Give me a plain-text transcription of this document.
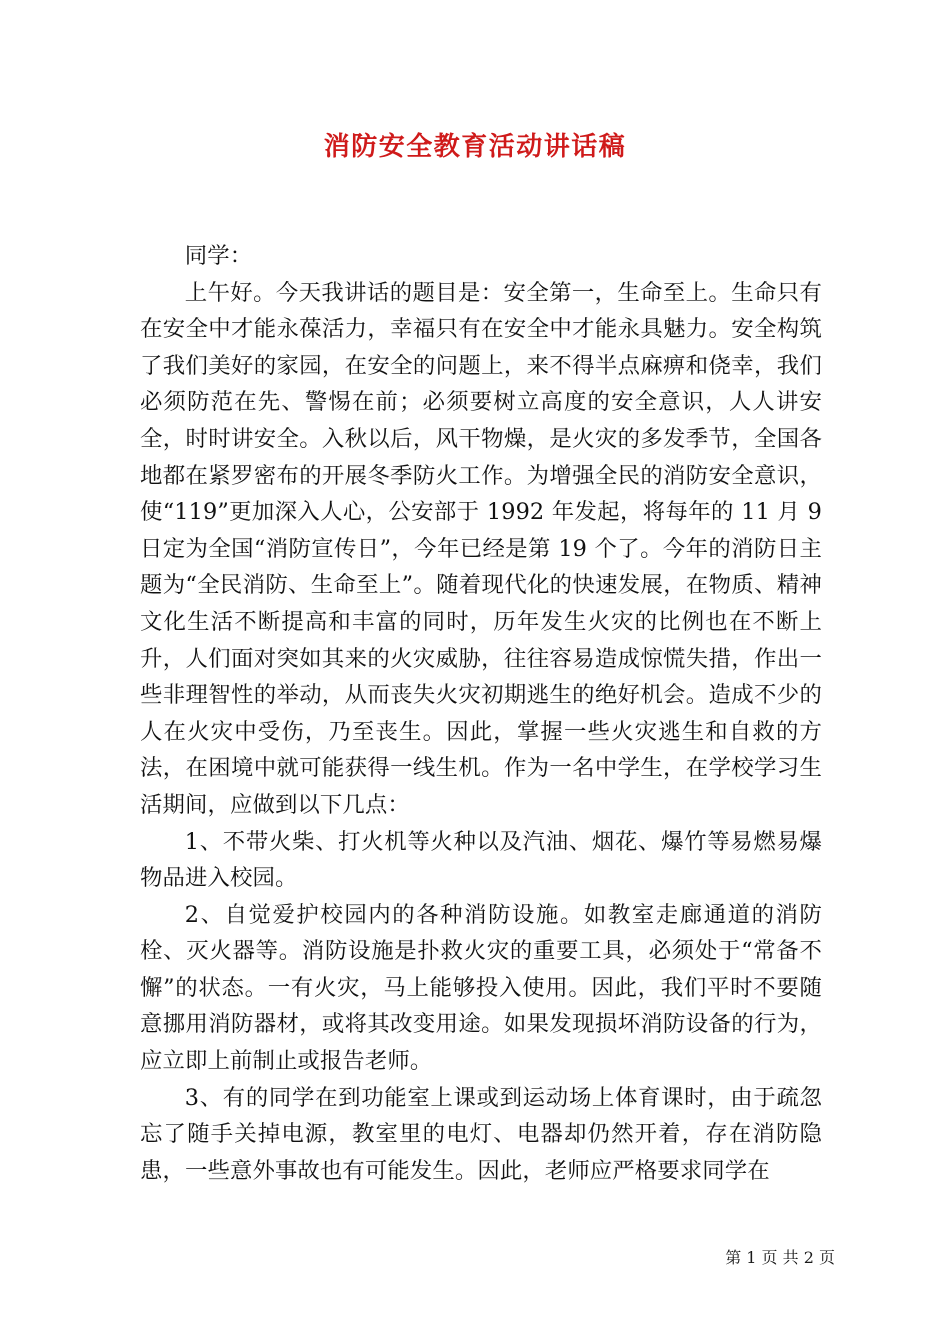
消防安全教育活动讲话稿

同学：

上午好。今天我讲话的题目是：安全第一，生命至上。生命只有在安全中才能永葆活力，幸福只有在安全中才能永具魅力。安全构筑了我们美好的家园，在安全的问题上，来不得半点麻痹和侥幸，我们必须防范在先、警惕在前；必须要树立高度的安全意识，人人讲安全，时时讲安全。入秋以后，风干物燥，是火灾的多发季节，全国各地都在紧罗密布的开展冬季防火工作。为增强全民的消防安全意识，使“119”更加深入人心，公安部于 1992 年发起，将每年的 11 月 9 日定为全国“消防宣传日”，今年已经是第 19 个了。今年的消防日主题为“全民消防、生命至上”。随着现代化的快速发展，在物质、精神文化生活不断提高和丰富的同时，历年发生火灾的比例也在不断上升，人们面对突如其来的火灾威胁，往往容易造成惊慌失措，作出一些非理智性的举动，从而丧失火灾初期逃生的绝好机会。造成不少的人在火灾中受伤，乃至丧生。因此，掌握一些火灾逃生和自救的方法，在困境中就可能获得一线生机。作为一名中学生，在学校学习生活期间，应做到以下几点：

1、不带火柴、打火机等火种以及汽油、烟花、爆竹等易燃易爆物品进入校园。

2、自觉爱护校园内的各种消防设施。如教室走廊通道的消防栓、灭火器等。消防设施是扑救火灾的重要工具，必须处于“常备不懈”的状态。一有火灾，马上能够投入使用。因此，我们平时不要随意挪用消防器材，或将其改变用途。如果发现损坏消防设备的行为，应立即上前制止或报告老师。

3、有的同学在到功能室上课或到运动场上体育课时，由于疏忽忘了随手关掉电源，教室里的电灯、电器却仍然开着，存在消防隐患，一些意外事故也有可能发生。因此，老师应严格要求同学在

第 1 页 共 2 页
